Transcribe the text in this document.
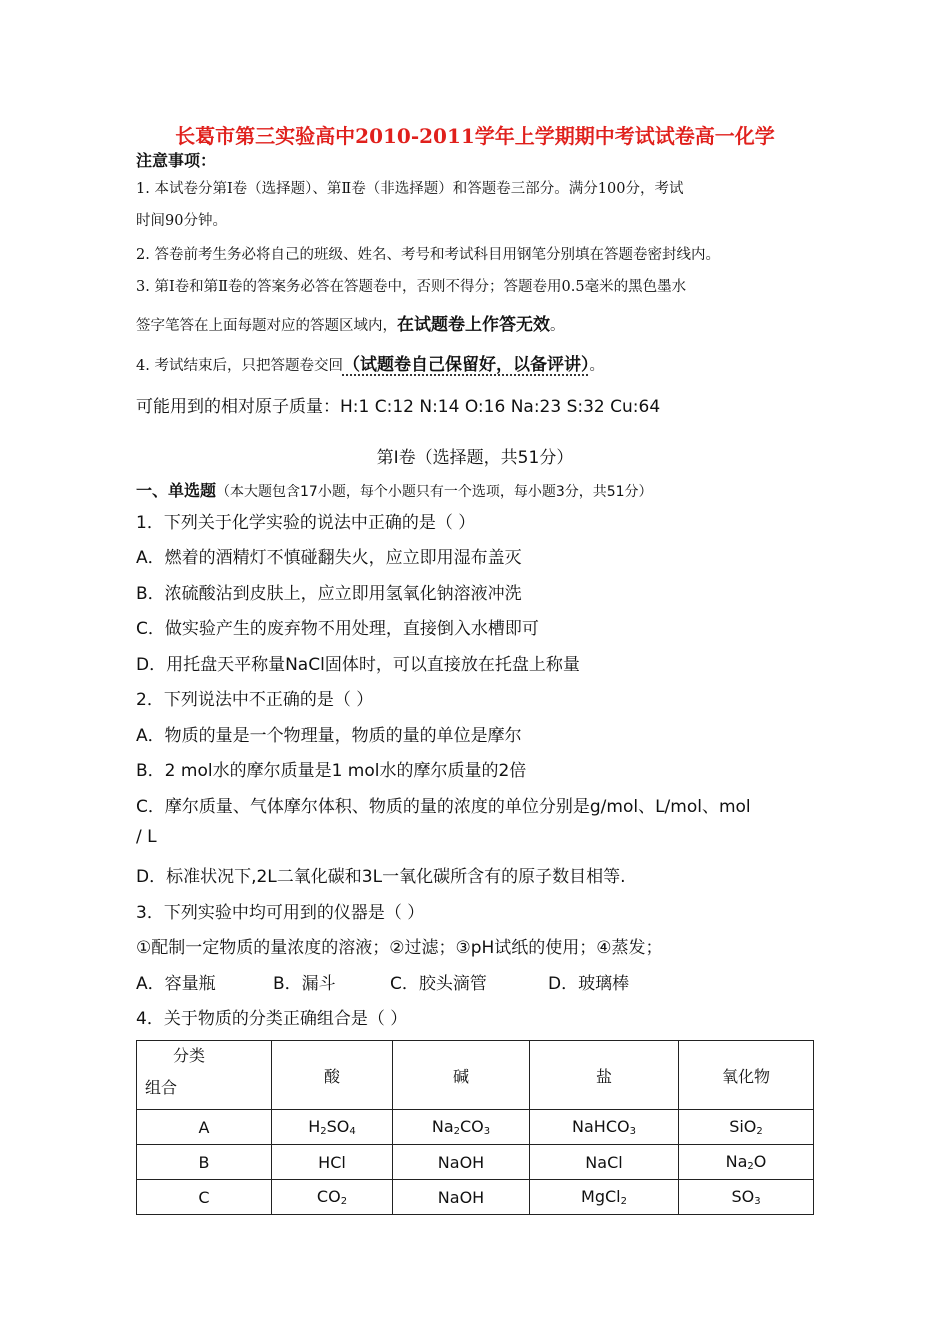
长葛市第三实验高中2010-2011学年上学期期中考试试卷高一化学
注意事项：
1. 本试卷分第Ⅰ卷（选择题）、第Ⅱ卷（非选择题）和答题卷三部分。满分100分，考试
时间90分钟。
2. 答卷前考生务必将自己的班级、姓名、考号和考试科目用钢笔分别填在答题卷密封线内。
3. 第Ⅰ卷和第Ⅱ卷的答案务必答在答题卷中，否则不得分；答题卷用0.5毫米的黑色墨水
签字笔答在上面每题对应的答题区域内，在试题卷上作答无效。
4. 考试结束后，只把答题卷交回（试题卷自己保留好，以备评讲）。
可能用到的相对原子质量：H:1 C:12 N:14 O:16 Na:23 S:32 Cu:64
第Ⅰ卷（选择题，共51分）
一、单选题（本大题包含17小题，每个小题只有一个选项，每小题3分，共51分）
1．下列关于化学实验的说法中正确的是（ ）
A．燃着的酒精灯不慎碰翻失火，应立即用湿布盖灭
B．浓硫酸沾到皮肤上，应立即用氢氧化钠溶液冲洗
C．做实验产生的废弃物不用处理，直接倒入水槽即可
D．用托盘天平称量NaCl固体时，可以直接放在托盘上称量
2．下列说法中不正确的是（ ）
A．物质的量是一个物理量，物质的量的单位是摩尔
B．2 mol水的摩尔质量是1 mol水的摩尔质量的2倍
C．摩尔质量、气体摩尔体积、物质的量的浓度的单位分别是g/mol、L/mol、mol
/ L
D．标准状况下,2L二氧化碳和3L一氧化碳所含有的原子数目相等.
3．下列实验中均可用到的仪器是（ ）
①配制一定物质的量浓度的溶液；②过滤；③pH试纸的使用；④蒸发；
A．容量瓶	B．漏斗	C．胶头滴管	D．玻璃棒
4．关于物质的分类正确组合是（ ）
分类
组合	酸	碱	盐	氧化物
A	$H_2SO_4$	$Na_2CO_3$	NaHCO$_3$	SiO$_2$
B	HCl	NaOH	NaCl	$Na_2O$
C	$CO_2$	NaOH	MgCl$_2$	$SO_3$
